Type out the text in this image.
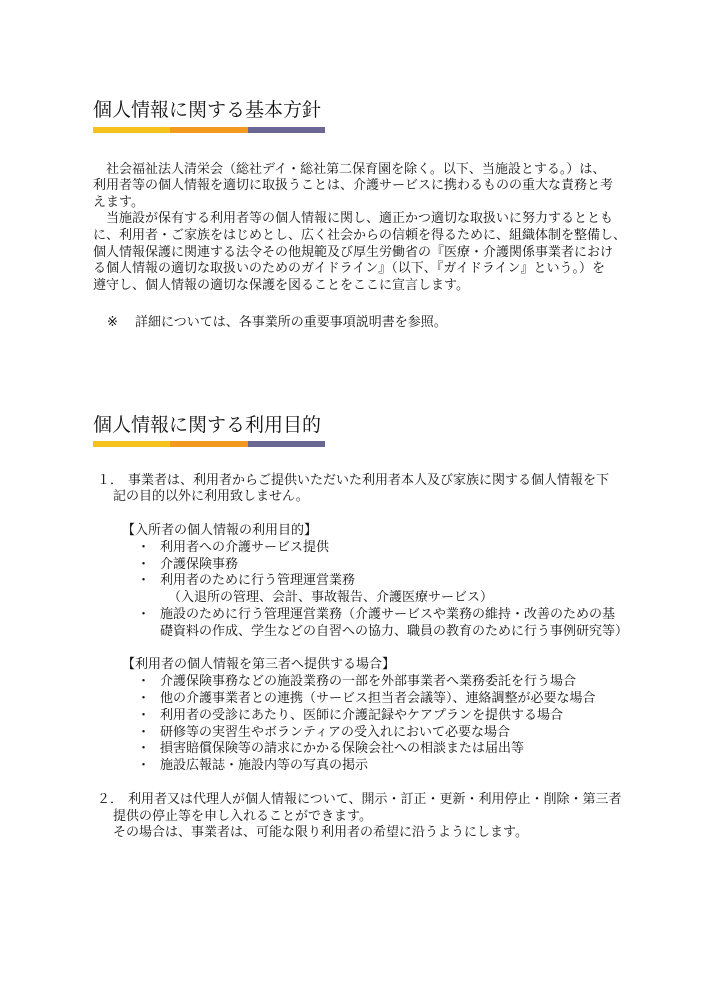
個人情報に関する基本方針
社会福祉法人清栄会（総社デイ・総社第二保育園を除く。以下、当施設とする。）は、
利用者等の個人情報を適切に取扱うことは、介護サービスに携わるものの重大な責務と考
えます。
当施設が保有する利用者等の個人情報に関し、適正かつ適切な取扱いに努力するととも
に、利用者・ご家族をはじめとし、広く社会からの信頼を得るために、組織体制を整備し、
個人情報保護に関連する法令その他規範及び厚生労働省の『医療・介護関係事業者におけ
る個人情報の適切な取扱いのためのガイドライン』（以下、『ガイドライン』という。）を
遵守し、個人情報の適切な保護を図ることをここに宣言します。
※ 詳細については、各事業所の重要事項説明書を参照。
個人情報に関する利用目的
１． 事業者は、利用者からご提供いただいた利用者本人及び家族に関する個人情報を下
記の目的以外に利用致しません。
【入所者の個人情報の利用目的】
・ 利用者への介護サービス提供
・ 介護保険事務
・ 利用者のために行う管理運営業務
（入退所の管理、会計、事故報告、介護医療サービス）
・ 施設のために行う管理運営業務（介護サービスや業務の維持・改善のための基
礎資料の作成、学生などの自習への協力、職員の教育のために行う事例研究等）
【利用者の個人情報を第三者へ提供する場合】
・ 介護保険事務などの施設業務の一部を外部事業者へ業務委託を行う場合
・ 他の介護事業者との連携（サービス担当者会議等）、連絡調整が必要な場合
・ 利用者の受診にあたり、医師に介護記録やケアプランを提供する場合
・ 研修等の実習生やボランティアの受入れにおいて必要な場合
・ 損害賠償保険等の請求にかかる保険会社への相談または届出等
・ 施設広報誌・施設内等の写真の掲示
２． 利用者又は代理人が個人情報について、開示・訂正・更新・利用停止・削除・第三者
提供の停止等を申し入れることができます。
その場合は、事業者は、可能な限り利用者の希望に沿うようにします。
